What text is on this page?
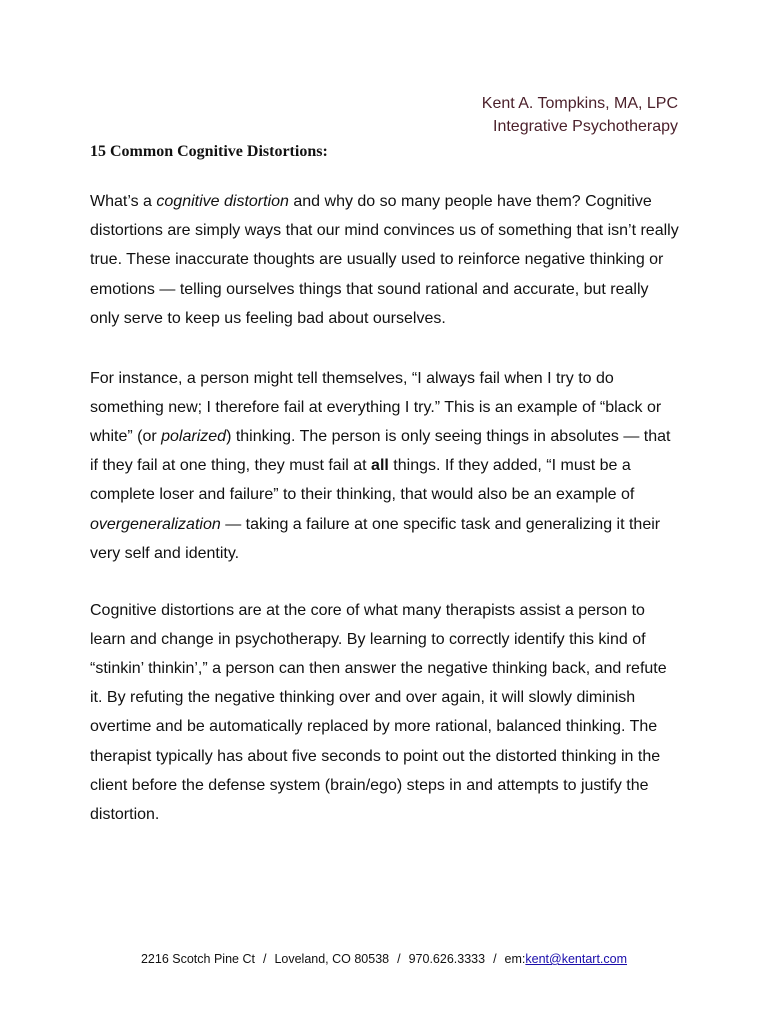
Kent A. Tompkins, MA, LPC
Integrative Psychotherapy
15 Common Cognitive Distortions:

What’s a cognitive distortion and why do so many people have them? Cognitive distortions are simply ways that our mind convinces us of something that isn’t really true. These inaccurate thoughts are usually used to reinforce negative thinking or emotions — telling ourselves things that sound rational and accurate, but really only serve to keep us feeling bad about ourselves.

For instance, a person might tell themselves, “I always fail when I try to do something new; I therefore fail at everything I try.” This is an example of “black or white” (or polarized) thinking. The person is only seeing things in absolutes — that if they fail at one thing, they must fail at all things. If they added, “I must be a complete loser and failure” to their thinking, that would also be an example of overgeneralization — taking a failure at one specific task and generalizing it their very self and identity.

Cognitive distortions are at the core of what many therapists assist a person to learn and change in psychotherapy. By learning to correctly identify this kind of “stinkin’ thinkin’,” a person can then answer the negative thinking back, and refute it. By refuting the negative thinking over and over again, it will slowly diminish overtime and be automatically replaced by more rational, balanced thinking. The therapist typically has about five seconds to point out the distorted thinking in the client before the defense system (brain/ego) steps in and attempts to justify the distortion.

2216 Scotch Pine Ct / Loveland, CO 80538 / 970.626.3333 / em:kent@kentart.com
